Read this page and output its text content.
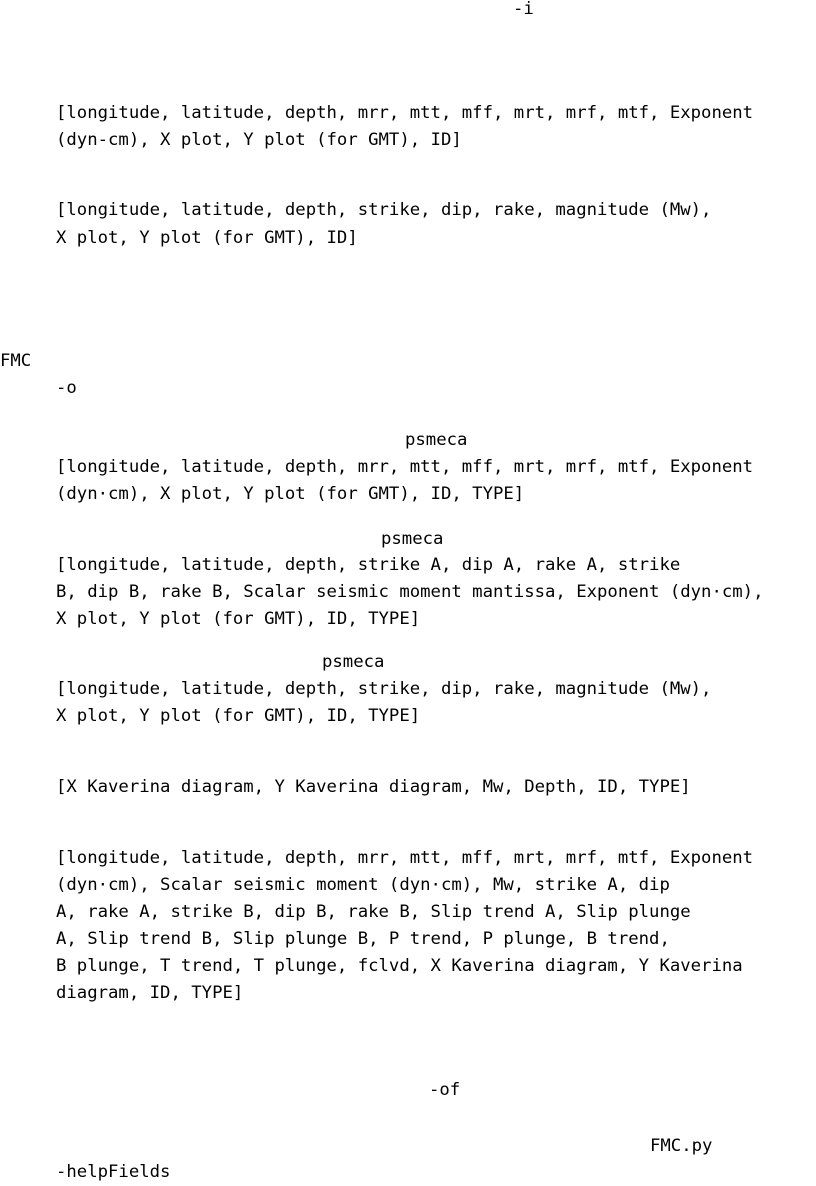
-i

[longitude, latitude, depth, mrr, mtt, mff, mrt, mrf, mtf, Exponent

(dyn-cm), X plot, Y plot (for GMT), ID]

[longitude, latitude, depth, strike, dip, rake, magnitude (Mw),

X plot, Y plot (for GMT), ID]

FMC

-o

psmeca

[longitude, latitude, depth, mrr, mtt, mff, mrt, mrf, mtf, Exponent

(dyn·cm), X plot, Y plot (for GMT), ID, TYPE]

psmeca

[longitude, latitude, depth, strike A, dip A, rake A, strike

B, dip B, rake B, Scalar seismic moment mantissa, Exponent (dyn·cm),

X plot, Y plot (for GMT), ID, TYPE]

psmeca

[longitude, latitude, depth, strike, dip, rake, magnitude (Mw),

X plot, Y plot (for GMT), ID, TYPE]

[X Kaverina diagram, Y Kaverina diagram, Mw, Depth, ID, TYPE]

[longitude, latitude, depth, mrr, mtt, mff, mrt, mrf, mtf, Exponent

(dyn·cm), Scalar seismic moment (dyn·cm), Mw, strike A, dip

A, rake A, strike B, dip B, rake B, Slip trend A, Slip plunge

A, Slip trend B, Slip plunge B, P trend, P plunge, B trend,

B plunge, T trend, T plunge, fclvd, X Kaverina diagram, Y Kaverina

diagram, ID, TYPE]

-of

FMC.py

-helpFields
